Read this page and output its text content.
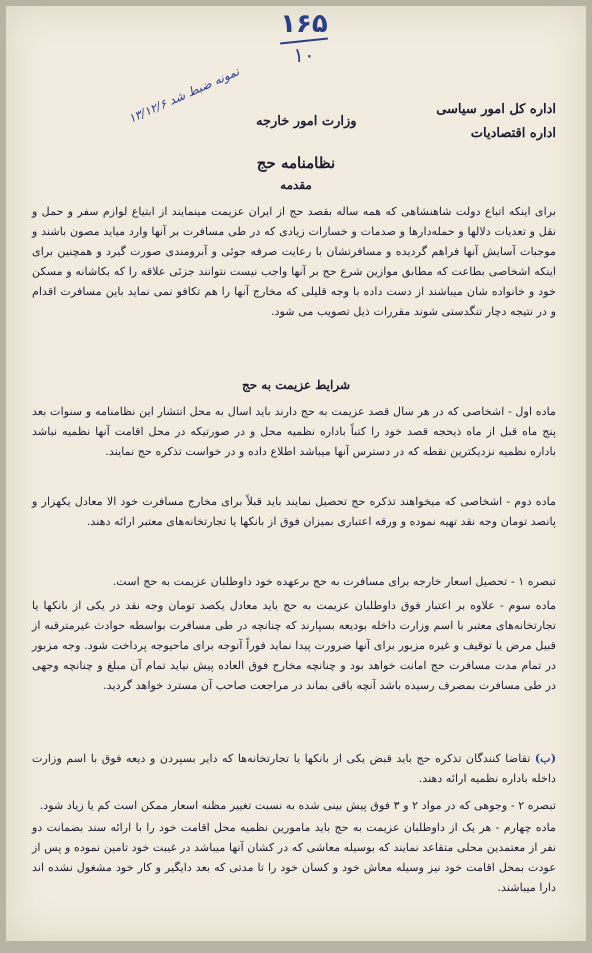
۱۶۵
۱۰
اداره کل امور سیاسی
اداره اقتصادیات
وزارت امور خارجه
نمونه ضبط شد ۱۳/۱۲/۶
نظامنامه حج
مقدمه
برای اینکه اتباع دولت شاهنشاهی که همه ساله بقصد حج از ایران عزیمت مینمایند از ابتیاع لوازم سفر و حمل و نقل و تعدیات دلالها و حمله‌دارها و صدمات و خسارات زیادی که در طی مسافرت بر آنها وارد میاید مصون باشند و موجبات آسایش آنها فراهم گردیده و مسافرتشان با رعایت صرفه جوئی و آبرومندی صورت گیرد و همچنین برای اینکه اشخاصی بطاعت که مطابق موازین شرع حج بر آنها واجب نیست نتوانند جزئی علاقه را که بکاشانه و مسکن خود و خانواده شان میباشند از دست داده با وجه قلیلی که مخارج آنها را هم تکافو نمی نماید باین مسافرت اقدام و در نتیجه دچار تنگدستی شوند مقررات ذیل تصویب می شود.
شرایط عزیمت به حج
ماده اول - اشخاصی که در هر سال قصد عزیمت به حج دارند باید اسال به محل انتشار این نظامنامه و سنوات بعد پنج ماه قبل از ماه ذیحجه قصد خود را کتباً باداره نظمیه محل و در صورتیکه در محل اقامت آنها نظمیه نباشد باداره نظمیه نزدیکترین نقطه که در دسترس آنها میباشد اطلاع داده و در خواست تذکره حج نمایند.
ماده دوم - اشخاصی که میخواهند تذکره حج تحصیل نمایند باید قبلاً برای مخارج مسافرت خود الا معادل یکهزار و پانصد تومان وجه نقد تهیه نموده و ورقه اعتباری بمیزان فوق از بانکها یا تجارتخانه‌های معتبر ارائه دهند.
تبصره ۱ - تحصیل اسعار خارجه برای مسافرت به حج برعهده خود داوطلبان عزیمت به حج است.
ماده سوم - علاوه بر اعتبار فوق داوطلبان عزیمت به حج باید معادل یکصد تومان وجه نقد در یکی از بانکها یا تجارتخانه‌های معتبر با اسم وزارت داخله بودیعه بسپارند که چنانچه در طی مسافرت بواسطه حوادث غیرمترقبه از قبیل مرض یا توقیف و غیره مزبور برای آنها ضرورت پیدا نماید فوراً آنوجه برای ماحیوجه پرداخت شود. وجه مزبور در تمام مدت مسافرت حج امانت خواهد بود و چنانچه مخارج فوق العاده پیش نیاید تمام آن مبلغ و چنانچه وجهی در طی مسافرت بمصرف رسیده باشد آنچه باقی بماند در مراجعت صاحب آن مسترد خواهد گردید.
(ب) تقاضا کنندگان تذکره حج باید قبض یکی از بانکها یا تجارتخانه‌ها که دایر بسپردن و دیعه فوق با اسم وزارت داخله باداره نظمیه ارائه دهند.
تبصره ۲ - وجوهی که در مواد ۲ و ۳ فوق پیش بینی شده به نسبت تغییر مظنه اسعار ممکن است کم یا زیاد شود.
ماده چهارم - هر یک از داوطلبان عزیمت به حج باید مامورین نظمیه محل اقامت خود را با ارائه سند بضمانت دو نفر از معتمدین محلی متقاعد نمایند که بوسیله معاشی که در کشان آنها میباشد در غیبت خود تامین نموده و پس از عودت بمحل اقامت خود نیز وسیله معاش خود و کسان خود را تا مدتی که بعد دایگیر و کار خود مشغول نشده اند دارا میباشند.
